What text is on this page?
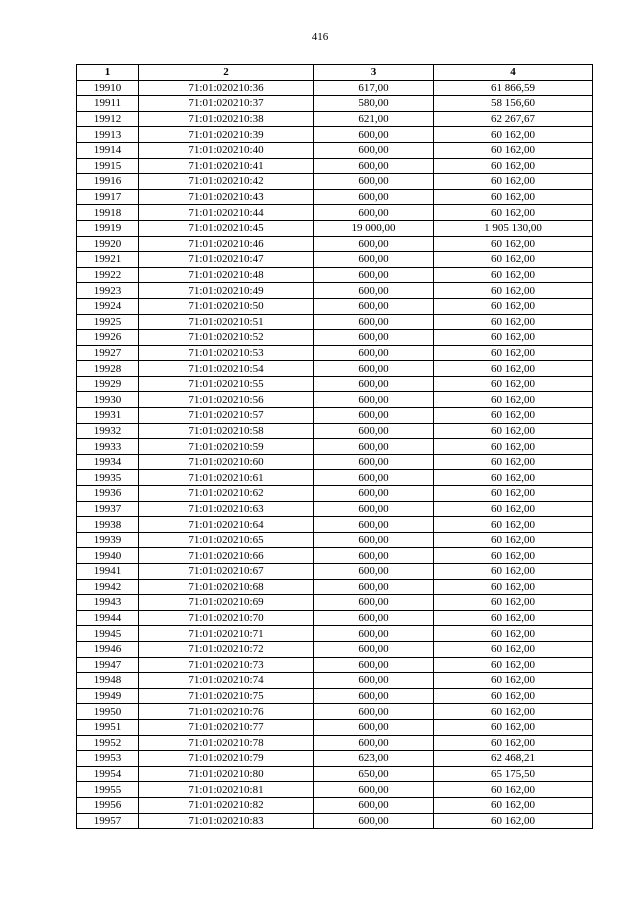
416
1	2	3	4
19910	71:01:020210:36	617,00	61 866,59
19911	71:01:020210:37	580,00	58 156,60
19912	71:01:020210:38	621,00	62 267,67
19913	71:01:020210:39	600,00	60 162,00
19914	71:01:020210:40	600,00	60 162,00
19915	71:01:020210:41	600,00	60 162,00
19916	71:01:020210:42	600,00	60 162,00
19917	71:01:020210:43	600,00	60 162,00
19918	71:01:020210:44	600,00	60 162,00
19919	71:01:020210:45	19 000,00	1 905 130,00
19920	71:01:020210:46	600,00	60 162,00
19921	71:01:020210:47	600,00	60 162,00
19922	71:01:020210:48	600,00	60 162,00
19923	71:01:020210:49	600,00	60 162,00
19924	71:01:020210:50	600,00	60 162,00
19925	71:01:020210:51	600,00	60 162,00
19926	71:01:020210:52	600,00	60 162,00
19927	71:01:020210:53	600,00	60 162,00
19928	71:01:020210:54	600,00	60 162,00
19929	71:01:020210:55	600,00	60 162,00
19930	71:01:020210:56	600,00	60 162,00
19931	71:01:020210:57	600,00	60 162,00
19932	71:01:020210:58	600,00	60 162,00
19933	71:01:020210:59	600,00	60 162,00
19934	71:01:020210:60	600,00	60 162,00
19935	71:01:020210:61	600,00	60 162,00
19936	71:01:020210:62	600,00	60 162,00
19937	71:01:020210:63	600,00	60 162,00
19938	71:01:020210:64	600,00	60 162,00
19939	71:01:020210:65	600,00	60 162,00
19940	71:01:020210:66	600,00	60 162,00
19941	71:01:020210:67	600,00	60 162,00
19942	71:01:020210:68	600,00	60 162,00
19943	71:01:020210:69	600,00	60 162,00
19944	71:01:020210:70	600,00	60 162,00
19945	71:01:020210:71	600,00	60 162,00
19946	71:01:020210:72	600,00	60 162,00
19947	71:01:020210:73	600,00	60 162,00
19948	71:01:020210:74	600,00	60 162,00
19949	71:01:020210:75	600,00	60 162,00
19950	71:01:020210:76	600,00	60 162,00
19951	71:01:020210:77	600,00	60 162,00
19952	71:01:020210:78	600,00	60 162,00
19953	71:01:020210:79	623,00	62 468,21
19954	71:01:020210:80	650,00	65 175,50
19955	71:01:020210:81	600,00	60 162,00
19956	71:01:020210:82	600,00	60 162,00
19957	71:01:020210:83	600,00	60 162,00
